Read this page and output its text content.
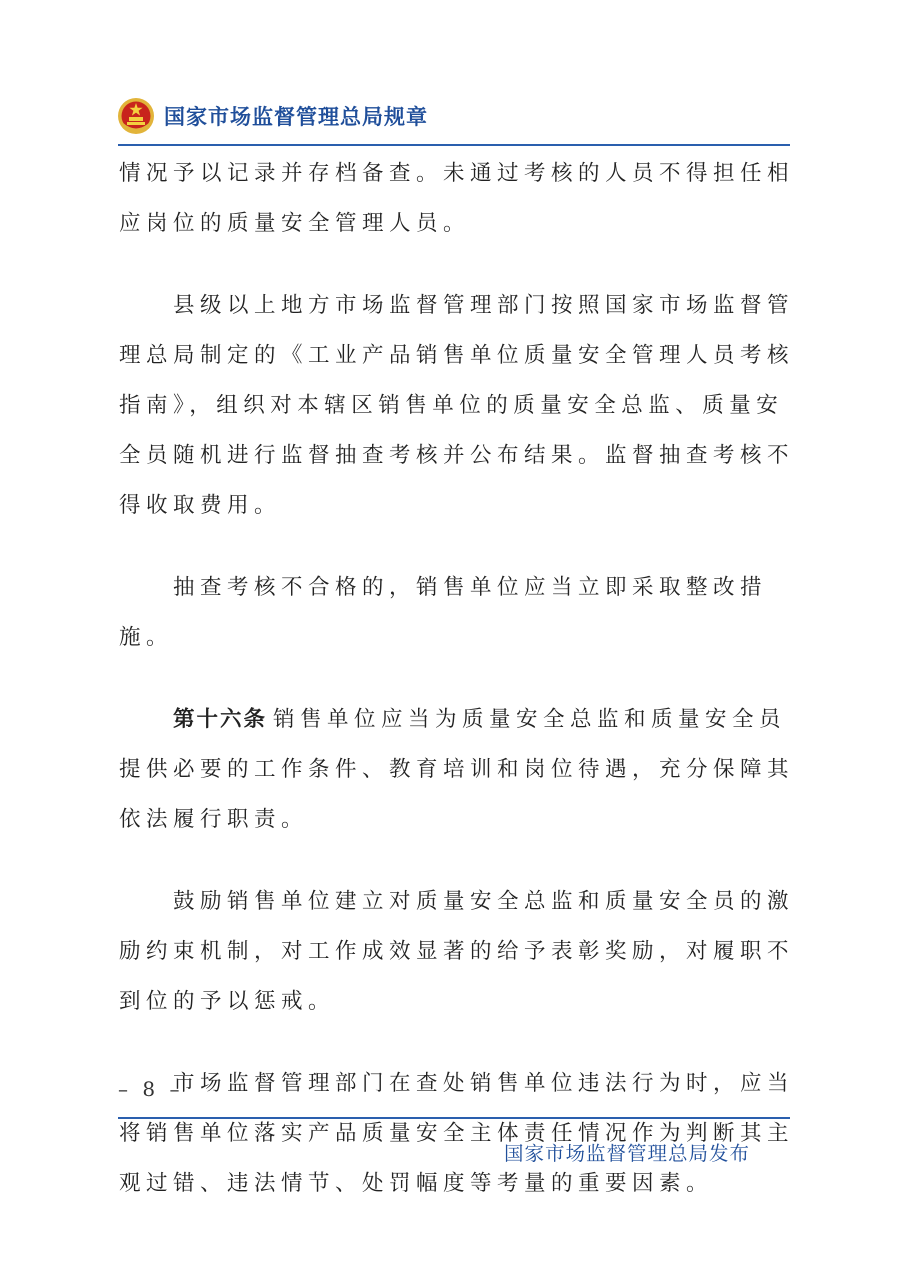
国家市场监督管理总局规章

情况予以记录并存档备查。未通过考核的人员不得担任相应岗位的质量安全管理人员。

县级以上地方市场监督管理部门按照国家市场监督管理总局制定的《工业产品销售单位质量安全管理人员考核指南》，组织对本辖区销售单位的质量安全总监、质量安全员随机进行监督抽查考核并公布结果。监督抽查考核不得收取费用。

抽查考核不合格的，销售单位应当立即采取整改措施。

第十六条 销售单位应当为质量安全总监和质量安全员提供必要的工作条件、教育培训和岗位待遇，充分保障其依法履行职责。

鼓励销售单位建立对质量安全总监和质量安全员的激励约束机制，对工作成效显著的给予表彰奖励，对履职不到位的予以惩戒。

市场监督管理部门在查处销售单位违法行为时，应当将销售单位落实产品质量安全主体责任情况作为判断其主观过错、违法情节、处罚幅度等考量的重要因素。

– 8 –
国家市场监督管理总局发布
